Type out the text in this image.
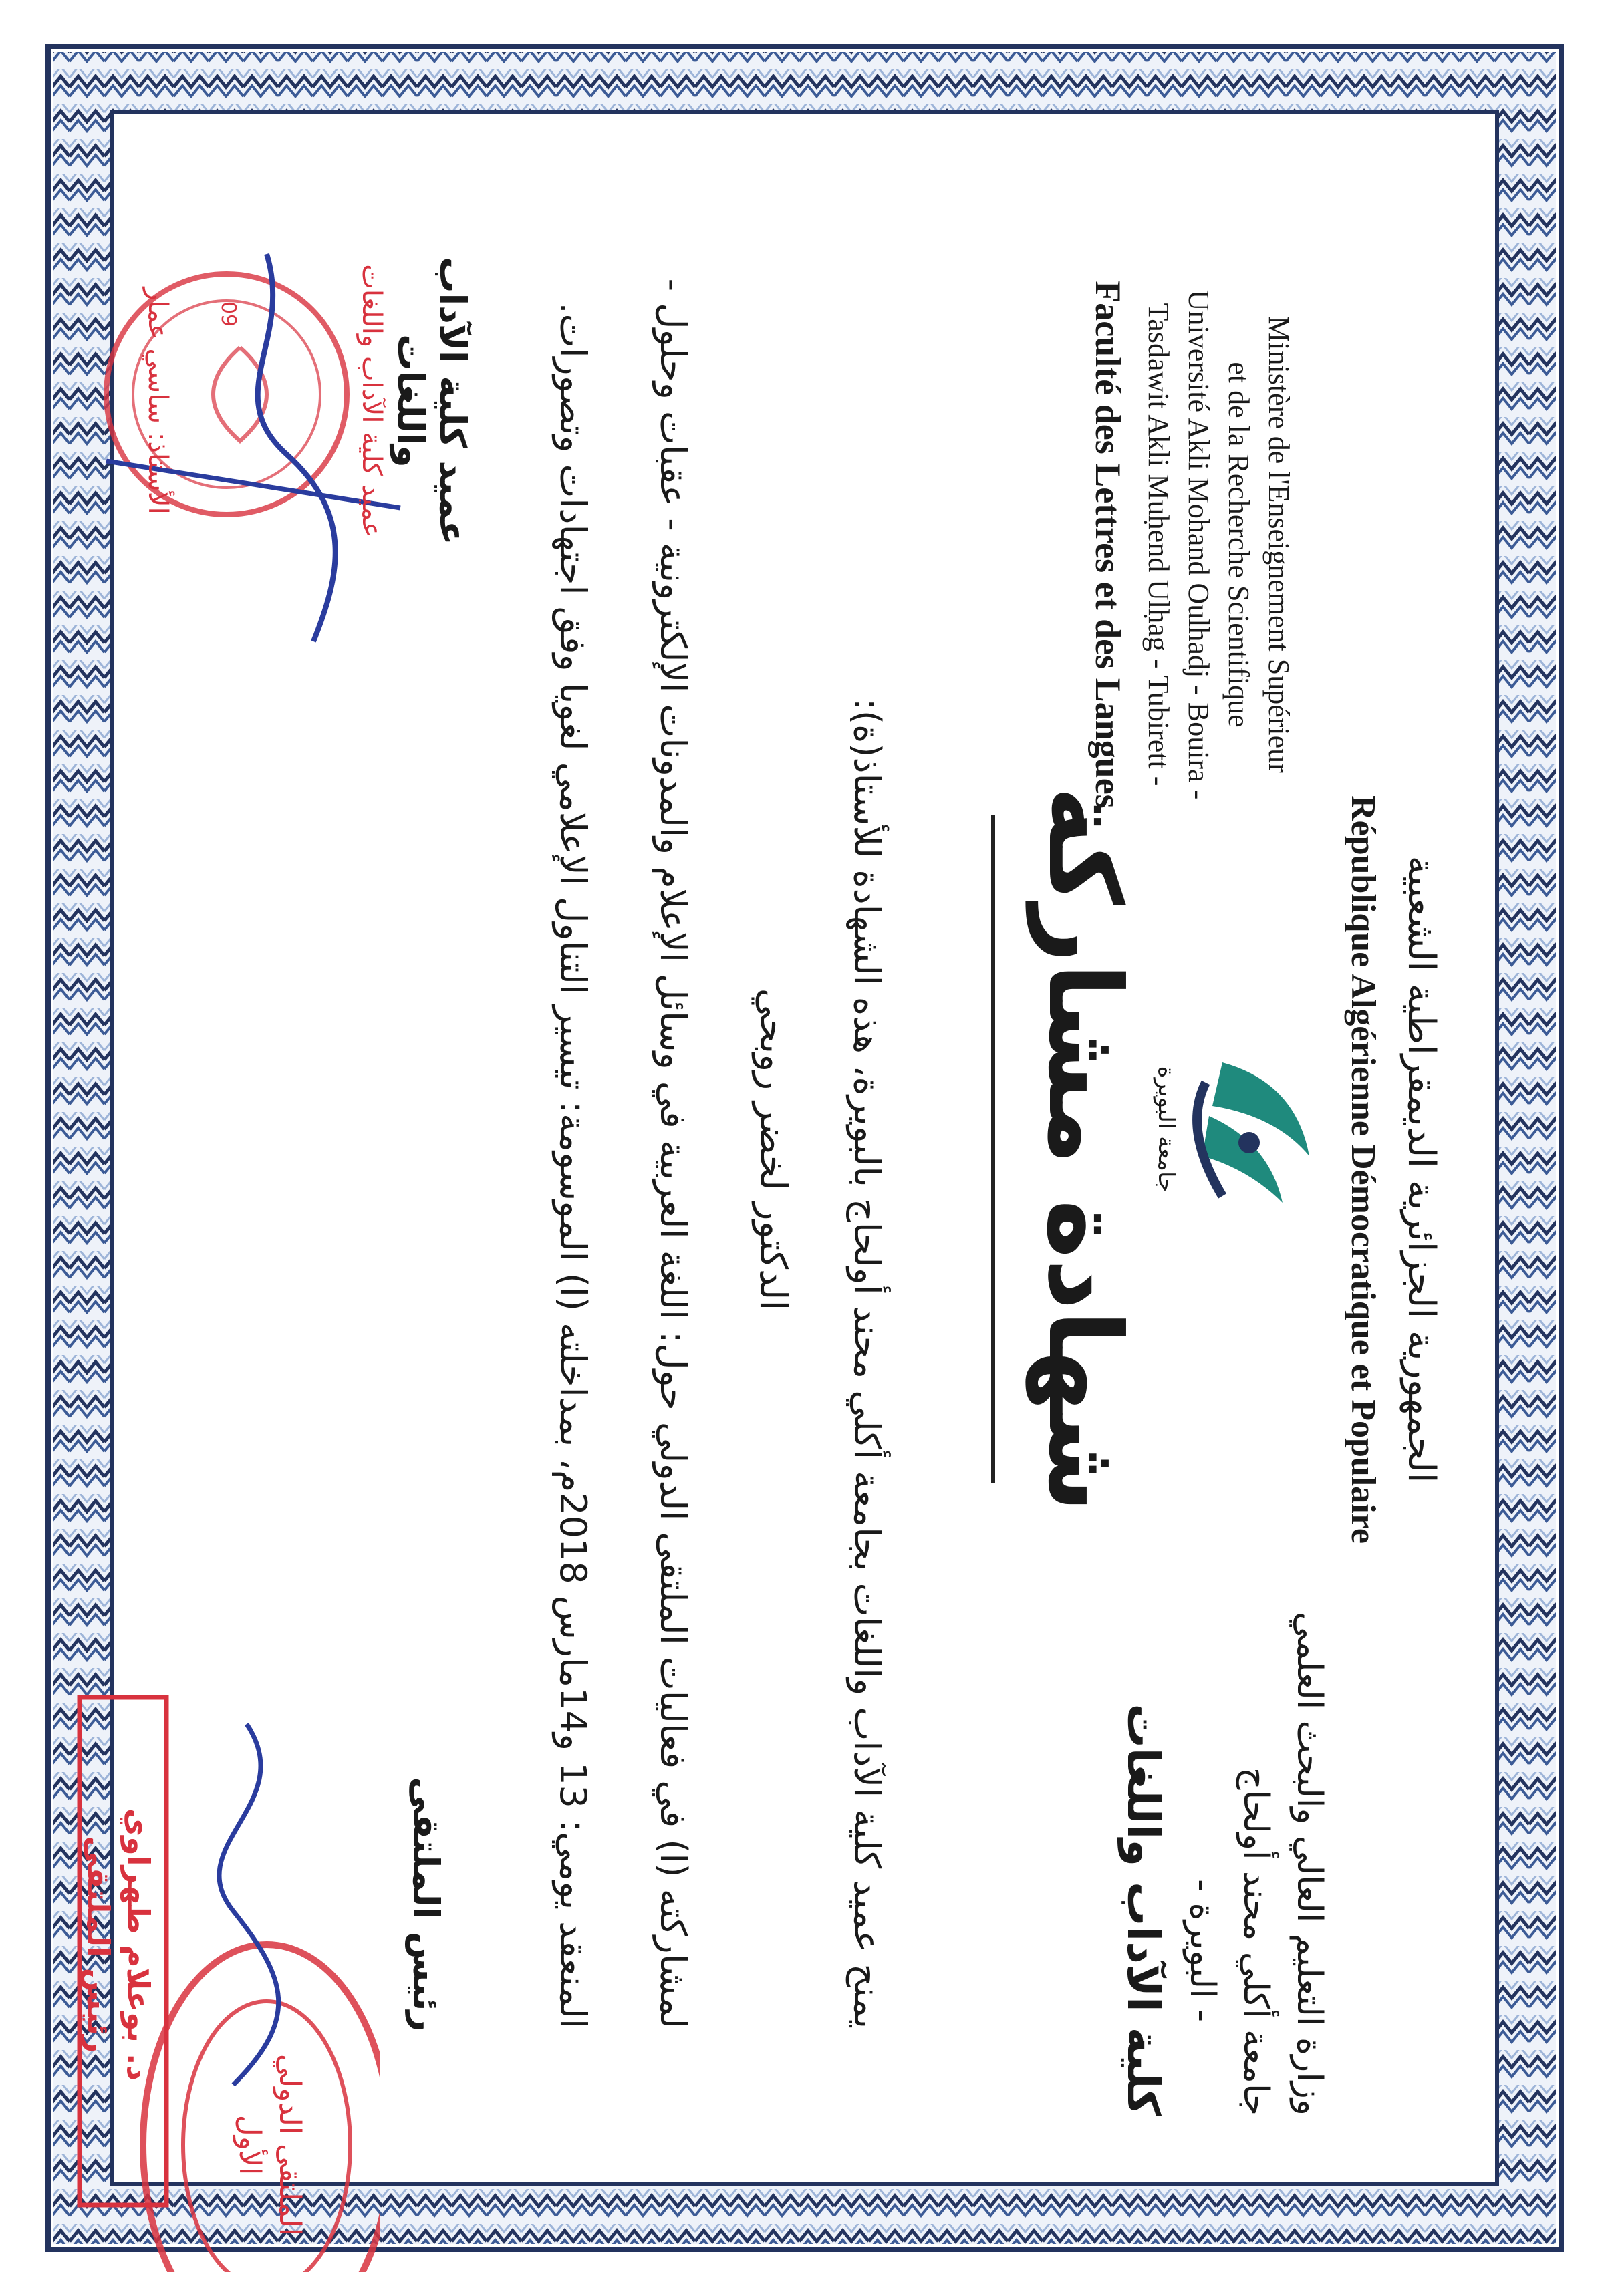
الجمهورية الجزائرية الديمقراطية الشعبية
République Algérienne Démocratique et Populaire
Ministère de l'Enseignement Supérieur
et de la Recherche Scientifique
Université Akli Mohand Oulhadj - Bouira -
Tasdawit Akli Muḥend Ulḥag - Tubirett -
Faculté des Lettres et des Langues
وزارة التعليم العالي والبحث العلمي
جامعة أكلي محند أولحاج
- البويرة -
كلية الآداب واللغات
جامعة البويرة
شهادة مشاركة
يمنح عميد كلية الآداب واللغات بجامعة أكلي محند أولحاج بالبويرة، هذه الشهادة للأستاذ(ة):
الدكتور لخضر روبحي
لمشاركته (ا) في فعاليات الملتقى الدولي حول: اللغة العربية في وسائل الإعلام والمدونات الإلكترونية - عقبات وحلول -
المنعقد يومي: 13 و14مارس 2018م، بمداخلته (ا) الموسومة: تيسير التناول الإعلامي لغويا وفق اجتهادات وتصورات.
عميد كلية الآداب واللغات
عميد كلية الآداب واللغات
الأستاذ: ساسي عمار 09
رئيس الملتقى
الملتقى الدولي
الأول
د. بوعلام طهراوي
رئيس الملتقى
